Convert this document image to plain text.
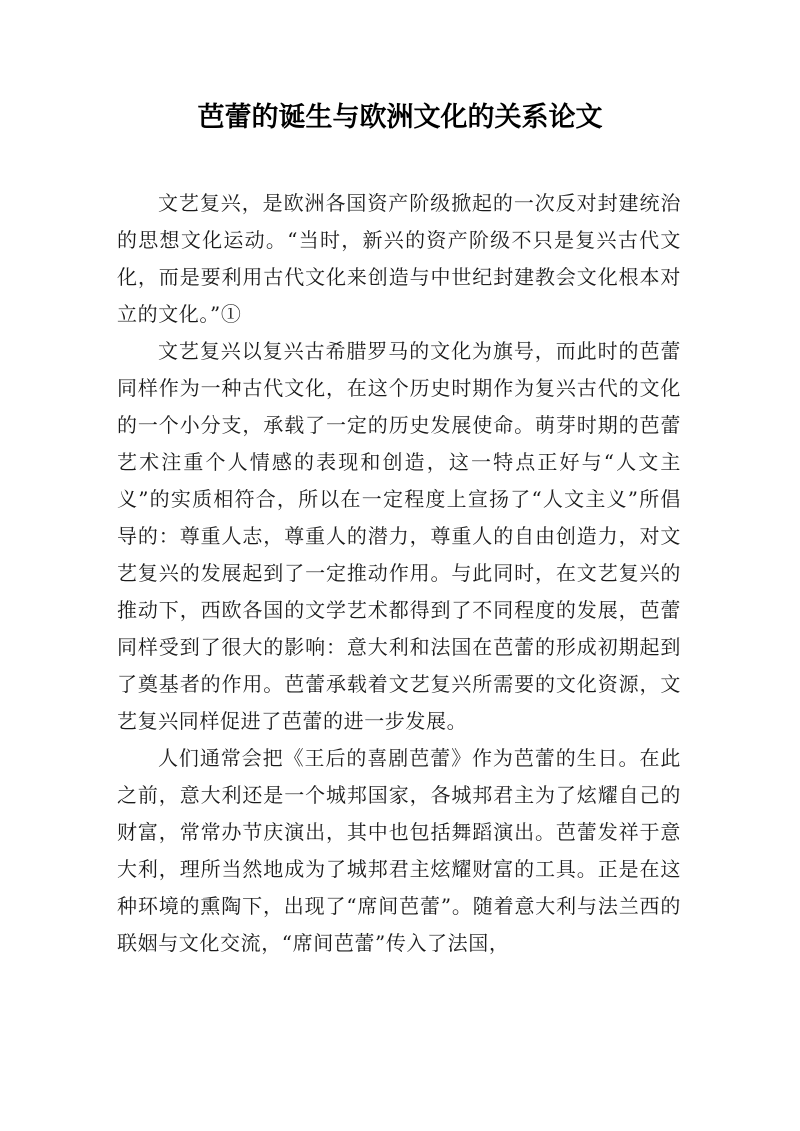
芭蕾的诞生与欧洲文化的关系论文

文艺复兴，是欧洲各国资产阶级掀起的一次反对封建统治的思想文化运动。“当时，新兴的资产阶级不只是复兴古代文化，而是要利用古代文化来创造与中世纪封建教会文化根本对立的文化。”①

文艺复兴以复兴古希腊罗马的文化为旗号，而此时的芭蕾同样作为一种古代文化，在这个历史时期作为复兴古代的文化的一个小分支，承载了一定的历史发展使命。萌芽时期的芭蕾艺术注重个人情感的表现和创造，这一特点正好与“人文主义”的实质相符合，所以在一定程度上宣扬了“人文主义”所倡导的：尊重人志，尊重人的潜力，尊重人的自由创造力，对文艺复兴的发展起到了一定推动作用。与此同时，在文艺复兴的推动下，西欧各国的文学艺术都得到了不同程度的发展，芭蕾同样受到了很大的影响：意大利和法国在芭蕾的形成初期起到了奠基者的作用。芭蕾承载着文艺复兴所需要的文化资源，文艺复兴同样促进了芭蕾的进一步发展。

人们通常会把《王后的喜剧芭蕾》作为芭蕾的生日。在此之前，意大利还是一个城邦国家，各城邦君主为了炫耀自己的财富，常常办节庆演出，其中也包括舞蹈演出。芭蕾发祥于意大利，理所当然地成为了城邦君主炫耀财富的工具。正是在这种环境的熏陶下，出现了“席间芭蕾”。随着意大利与法兰西的联姻与文化交流，“席间芭蕾”传入了法国，
